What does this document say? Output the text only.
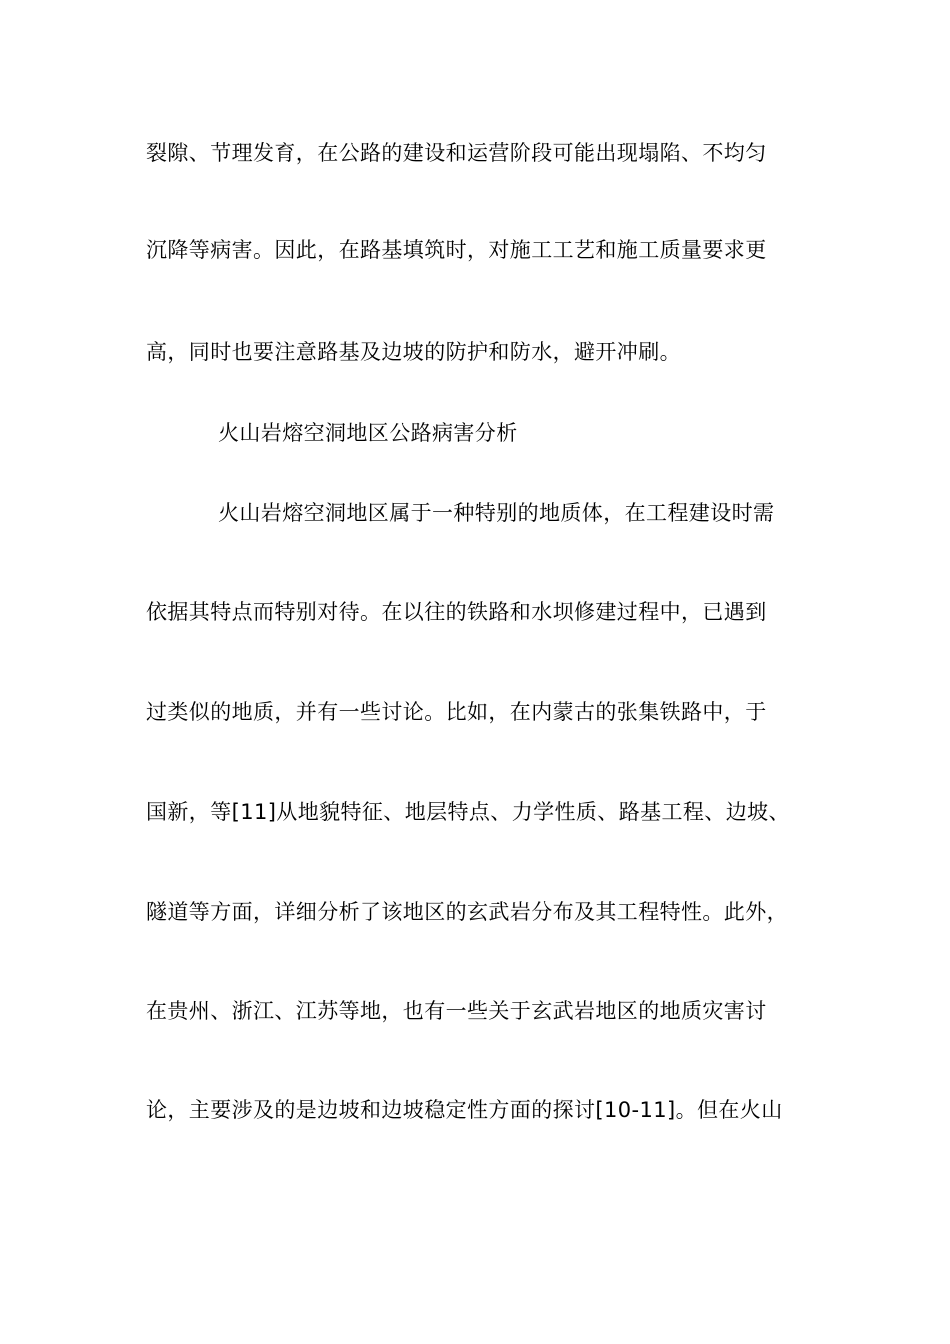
裂隙、节理发育，在公路的建设和运营阶段可能出现塌陷、不均匀
沉降等病害。因此，在路基填筑时，对施工工艺和施工质量要求更
高，同时也要注意路基及边坡的防护和防水，避开冲刷。
火山岩熔空洞地区公路病害分析
火山岩熔空洞地区属于一种特别的地质体，在工程建设时需
依据其特点而特别对待。在以往的铁路和水坝修建过程中，已遇到
过类似的地质，并有一些讨论。比如，在内蒙古的张集铁路中，于
国新，等[11]从地貌特征、地层特点、力学性质、路基工程、边坡、
隧道等方面，详细分析了该地区的玄武岩分布及其工程特性。此外，
在贵州、浙江、江苏等地，也有一些关于玄武岩地区的地质灾害讨
论，主要涉及的是边坡和边坡稳定性方面的探讨[10-11]。但在火山
